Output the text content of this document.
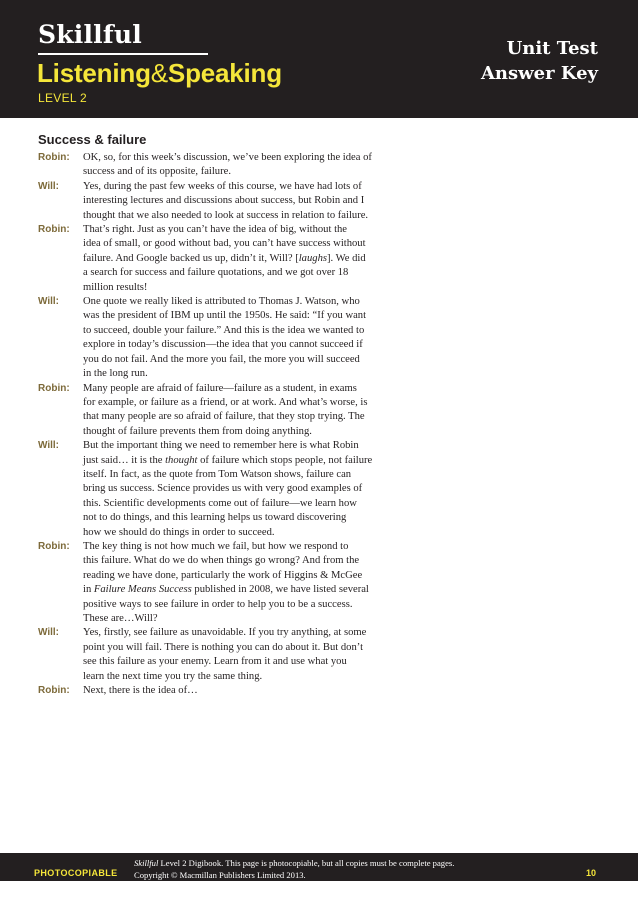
Skillful
Listening&Speaking
LEVEL 2
Unit Test
Answer Key
Success & failure
Robin:	OK, so, for this week’s discussion, we’ve been exploring the idea of
success and of its opposite, failure.
Will:	Yes, during the past few weeks of this course, we have had lots of
interesting lectures and discussions about success, but Robin and I
thought that we also needed to look at success in relation to failure.
Robin:	That’s right. Just as you can’t have the idea of big, without the
idea of small, or good without bad, you can’t have success without
failure. And Google backed us up, didn’t it, Will? [laughs]. We did
a search for success and failure quotations, and we got over 18
million results!
Will:	One quote we really liked is attributed to Thomas J. Watson, who
was the president of IBM up until the 1950s. He said: “If you want
to succeed, double your failure.” And this is the idea we wanted to
explore in today’s discussion—the idea that you cannot succeed if
you do not fail. And the more you fail, the more you will succeed
in the long run.
Robin:	Many people are afraid of failure—failure as a student, in exams
for example, or failure as a friend, or at work. And what’s worse, is
that many people are so afraid of failure, that they stop trying. The
thought of failure prevents them from doing anything.
Will:	But the important thing we need to remember here is what Robin
just said… it is the thought of failure which stops people, not failure
itself. In fact, as the quote from Tom Watson shows, failure can
bring us success. Science provides us with very good examples of
this. Scientific developments come out of failure—we learn how
not to do things, and this learning helps us toward discovering
how we should do things in order to succeed.
Robin:	The key thing is not how much we fail, but how we respond to
this failure. What do we do when things go wrong? And from the
reading we have done, particularly the work of Higgins & McGee
in Failure Means Success published in 2008, we have listed several
positive ways to see failure in order to help you to be a success.
These are…Will?
Will:	Yes, firstly, see failure as unavoidable. If you try anything, at some
point you will fail. There is nothing you can do about it. But don’t
see this failure as your enemy. Learn from it and use what you
learn the next time you try the same thing.
Robin:	Next, there is the idea of…
PHOTOCOPIABLE
Skillful Level 2 Digibook. This page is photocopiable, but all copies must be complete pages.
Copyright © Macmillan Publishers Limited 2013.	10
